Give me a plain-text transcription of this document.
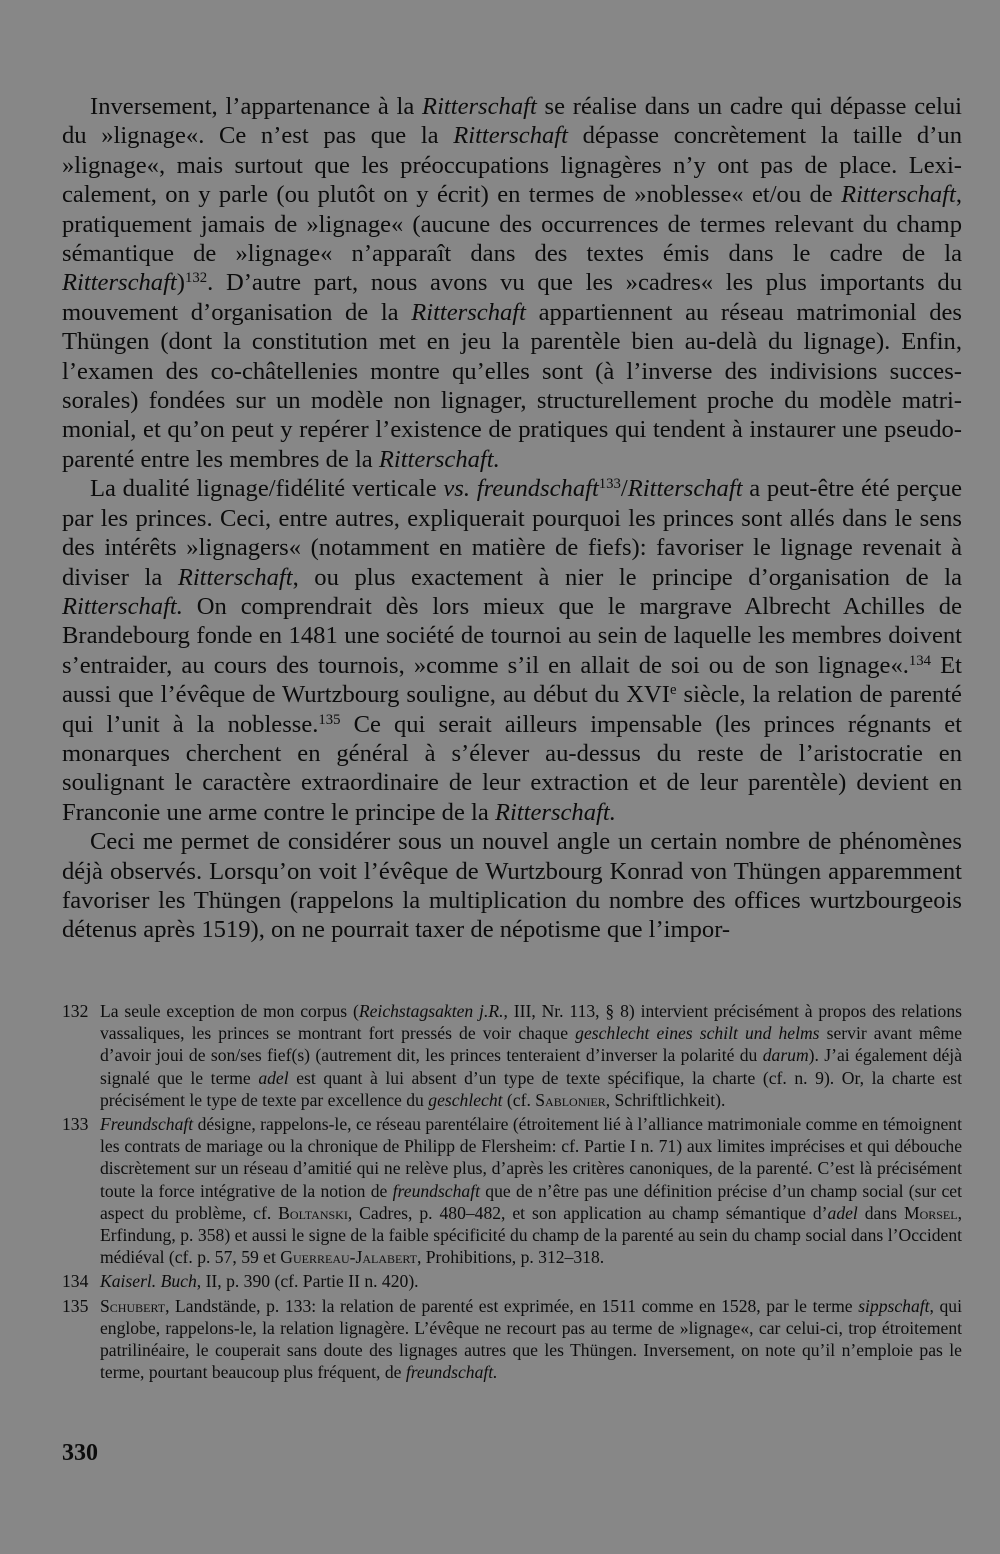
Inversement, l’appartenance à la Ritterschaft se réalise dans un cadre qui dépasse celui du »lignage«. Ce n’est pas que la Ritterschaft dépasse concrètement la taille d’un »lignage«, mais surtout que les préoccupations lignagères n’y ont pas de place. Lexicalement, on y parle (ou plutôt on y écrit) en termes de »noblesse« et/ou de Ritterschaft, pratiquement jamais de »lignage« (aucune des occurrences de termes relevant du champ sémantique de »lignage« n’apparaît dans des textes émis dans le cadre de la Ritterschaft)$^{132}$. D’autre part, nous avons vu que les »cadres« les plus importants du mouvement d’organisation de la Ritterschaft appartiennent au réseau matrimonial des Thüngen (dont la constitution met en jeu la parentèle bien au-delà du lignage). Enfin, l’examen des co-châtellenies montre qu’elles sont (à l’inverse des indivisions successorales) fondées sur un modèle non lignager, structurellement proche du modèle matrimonial, et qu’on peut y repérer l’existence de pratiques qui tendent à instaurer une pseudo-parenté entre les membres de la Ritterschaft.

La dualité lignage/fidélité verticale vs. freundschaft$^{133}$/Ritterschaft a peut-être été perçue par les princes. Ceci, entre autres, expliquerait pourquoi les princes sont allés dans le sens des intérêts »lignagers« (notamment en matière de fiefs): favoriser le lignage revenait à diviser la Ritterschaft, ou plus exactement à nier le principe d’organisation de la Ritterschaft. On comprendrait dès lors mieux que le margrave Albrecht Achilles de Brandebourg fonde en 1481 une société de tournoi au sein de laquelle les membres doivent s’entraider, au cours des tournois, »comme s’il en allait de soi ou de son lignage«.$^{134}$ Et aussi que l’évêque de Wurtzbourg souligne, au début du XVIe siècle, la relation de parenté qui l’unit à la noblesse.$^{135}$ Ce qui serait ailleurs impensable (les princes régnants et monarques cherchent en général à s’élever au-dessus du reste de l’aristocratie en soulignant le caractère extraordinaire de leur extraction et de leur parentèle) devient en Franconie une arme contre le principe de la Ritterschaft.

Ceci me permet de considérer sous un nouvel angle un certain nombre de phénomènes déjà observés. Lorsqu’on voit l’évêque de Wurtzbourg Konrad von Thüngen apparemment favoriser les Thüngen (rappelons la multiplication du nombre des offices wurtzbourgeois détenus après 1519), on ne pourrait taxer de népotisme que l’impor-

132 La seule exception de mon corpus (Reichstagsakten j.R., III, Nr. 113, § 8) intervient précisément à propos des relations vassaliques, les princes se montrant fort pressés de voir chaque geschlecht eines schilt und helms servir avant même d’avoir joui de son/ses fief(s) (autrement dit, les princes tenteraient d’inverser la polarité du darum). J’ai également déjà signalé que le terme adel est quant à lui absent d’un type de texte spécifique, la charte (cf. n. 9). Or, la charte est précisément le type de texte par excellence du geschlecht (cf. Sablonier, Schriftlichkeit).
133 Freundschaft désigne, rappelons-le, ce réseau parentélaire (étroitement lié à l’alliance matrimoniale comme en témoignent les contrats de mariage ou la chronique de Philipp de Flersheim: cf. Partie I n. 71) aux limites imprécises et qui débouche discrètement sur un réseau d’amitié qui ne relève plus, d’après les critères canoniques, de la parenté. C’est là précisément toute la force intégrative de la notion de freundschaft que de n’être pas une définition précise d’un champ social (sur cet aspect du problème, cf. Boltanski, Cadres, p. 480–482, et son application au champ sémantique d’adel dans Morsel, Erfindung, p. 358) et aussi le signe de la faible spécificité du champ de la parenté au sein du champ social dans l’Occident médiéval (cf. p. 57, 59 et Guerreau-Jalabert, Prohibitions, p. 312–318.
134 Kaiserl. Buch, II, p. 390 (cf. Partie II n. 420).
135 Schubert, Landstände, p. 133: la relation de parenté est exprimée, en 1511 comme en 1528, par le terme sippschaft, qui englobe, rappelons-le, la relation lignagère. L’évêque ne recourt pas au terme de »lignage«, car celui-ci, trop étroitement patrilinéaire, le couperait sans doute des lignages autres que les Thüngen. Inversement, on note qu’il n’emploie pas le terme, pourtant beaucoup plus fréquent, de freundschaft.
330
